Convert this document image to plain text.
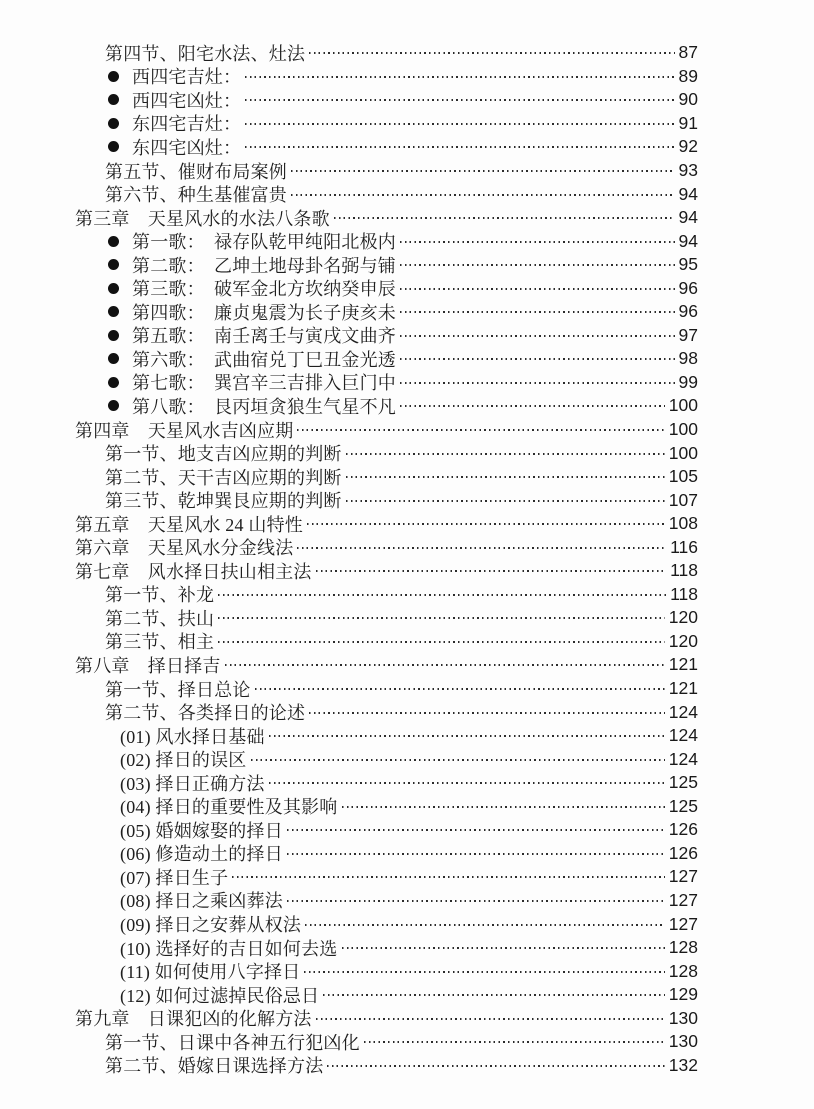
第四节、阳宅水法、灶法	87
西四宅吉灶：	89
西四宅凶灶：	90
东四宅吉灶：	91
东四宅凶灶：	92
第五节、催财布局案例	93
第六节、种生基催富贵	94
第三章　天星风水的水法八条歌	94
第一歌：　禄存队乾甲纯阳北极内	94
第二歌：　乙坤土地母卦名弼与铺	95
第三歌：　破军金北方坎纳癸申辰	96
第四歌：　廉贞鬼震为长子庚亥未	96
第五歌：　南壬离壬与寅戌文曲齐	97
第六歌：　武曲宿兑丁巳丑金光透	98
第七歌：　巽宫辛三吉排入巨门中	99
第八歌：　艮丙垣贪狼生气星不凡	100
第四章　天星风水吉凶应期	100
第一节、地支吉凶应期的判断	100
第二节、天干吉凶应期的判断	105
第三节、乾坤巽艮应期的判断	107
第五章　天星风水 24 山特性	108
第六章　天星风水分金线法	116
第七章　风水择日扶山相主法	118
第一节、补龙	118
第二节、扶山	120
第三节、相主	120
第八章　择日择吉	121
第一节、择日总论	121
第二节、各类择日的论述	124
(01) 风水择日基础	124
(02) 择日的误区	124
(03) 择日正确方法	125
(04) 择日的重要性及其影响	125
(05) 婚姻嫁娶的择日	126
(06) 修造动土的择日	126
(07) 择日生子	127
(08) 择日之乘凶葬法	127
(09) 择日之安葬从权法	127
(10) 选择好的吉日如何去选	128
(11) 如何使用八字择日	128
(12) 如何过滤掉民俗忌日	129
第九章　日课犯凶的化解方法	130
第一节、日课中各神五行犯凶化	130
第二节、婚嫁日课选择方法	132
